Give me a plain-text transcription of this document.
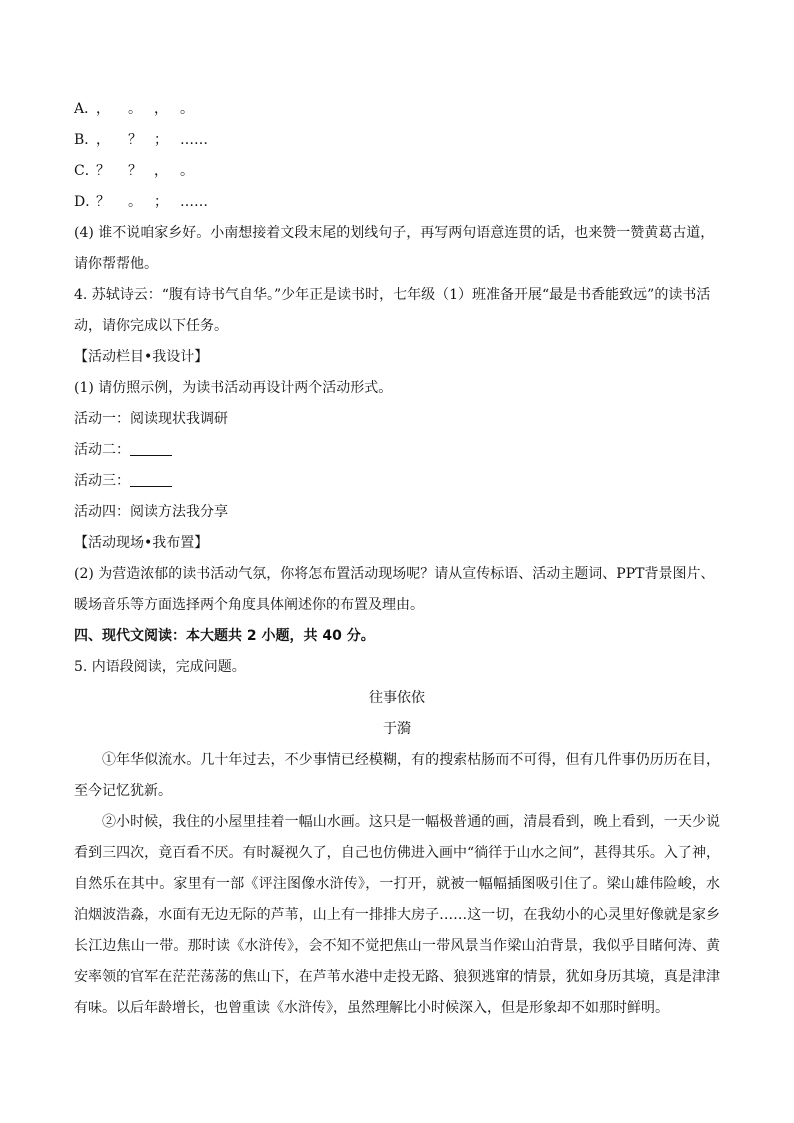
A．， 。 ， 。
B．， ？ ； ……
C．？ ？ ， 。
D．？ 。 ； ……
(4) 谁不说咱家乡好。小南想接着文段末尾的划线句子，再写两句语意连贯的话，也来赞一赞黄葛古道，请你帮帮他。
4. 苏轼诗云：“腹有诗书气自华。”少年正是读书时，七年级（1）班准备开展“最是书香能致远”的读书活动，请你完成以下任务。
【活动栏目•我设计】
(1) 请仿照示例，为读书活动再设计两个活动形式。
活动一：阅读现状我调研
活动二：
活动三：
活动四：阅读方法我分享
【活动现场•我布置】
(2) 为营造浓郁的读书活动气氛，你将怎布置活动现场呢？请从宣传标语、活动主题词、PPT背景图片、暖场音乐等方面选择两个角度具体阐述你的布置及理由。
四、现代文阅读：本大题共 2 小题，共 40 分。
5. 内语段阅读，完成问题。
往事依依
于漪
①年华似流水。几十年过去，不少事情已经模糊，有的搜索枯肠而不可得，但有几件事仍历历在目，至今记忆犹新。
②小时候，我住的小屋里挂着一幅山水画。这只是一幅极普通的画，清晨看到，晚上看到，一天少说看到三四次，竟百看不厌。有时凝视久了，自己也仿佛进入画中“徜徉于山水之间”，甚得其乐。入了神，自然乐在其中。家里有一部《评注图像水浒传》，一打开，就被一幅幅插图吸引住了。梁山雄伟险峻，水泊烟波浩淼，水面有无边无际的芦苇，山上有一排排大房子……这一切，在我幼小的心灵里好像就是家乡长江边焦山一带。那时读《水浒传》，会不知不觉把焦山一带风景当作梁山泊背景，我似乎目睹何涛、黄安率领的官军在茫茫荡荡的焦山下，在芦苇水港中走投无路、狼狈逃窜的情景，犹如身历其境，真是津津有味。以后年龄增长，也曾重读《水浒传》，虽然理解比小时候深入，但是形象却不如那时鲜明。
